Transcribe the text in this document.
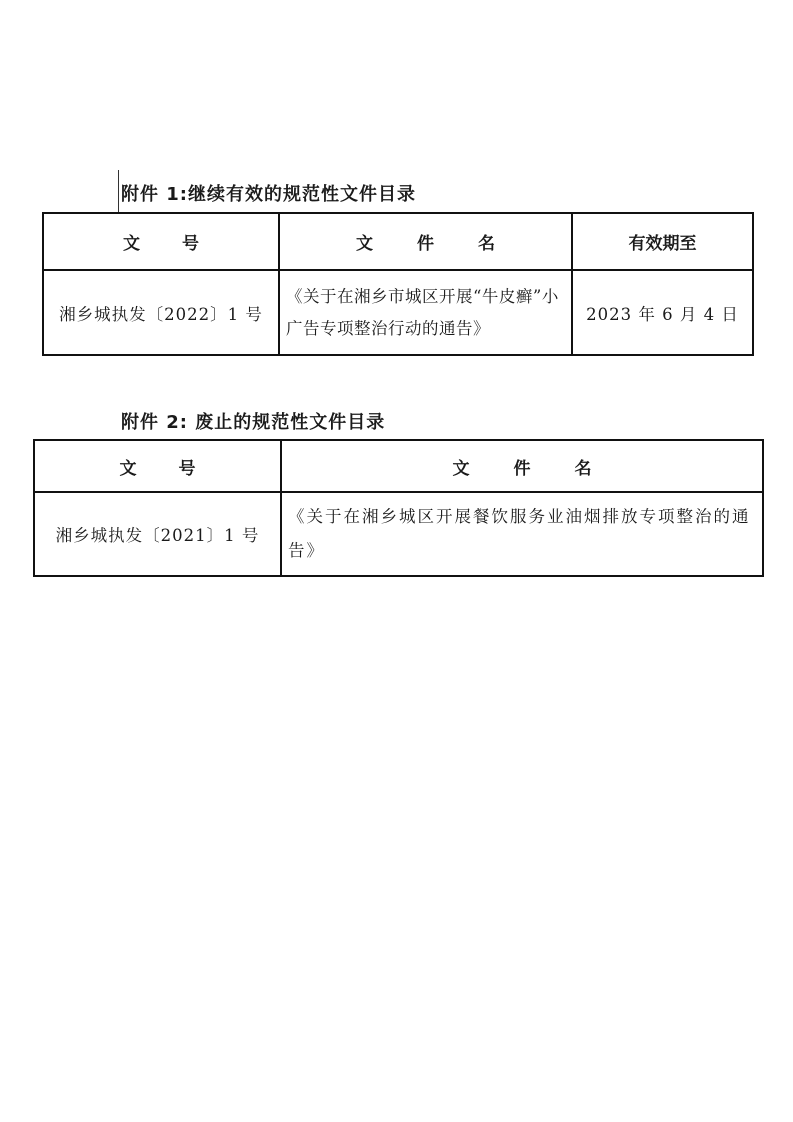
附件 1:继续有效的规范性文件目录
文号	文件名	有效期至
湘乡城执发〔2022〕1 号	《关于在湘乡市城区开展“牛皮癣”小广告专项整治行动的通告》	2023 年 6 月 4 日
附件 2: 废止的规范性文件目录
文号	文件名
湘乡城执发〔2021〕1 号	《关于在湘乡城区开展餐饮服务业油烟排放专项整治的通告》
